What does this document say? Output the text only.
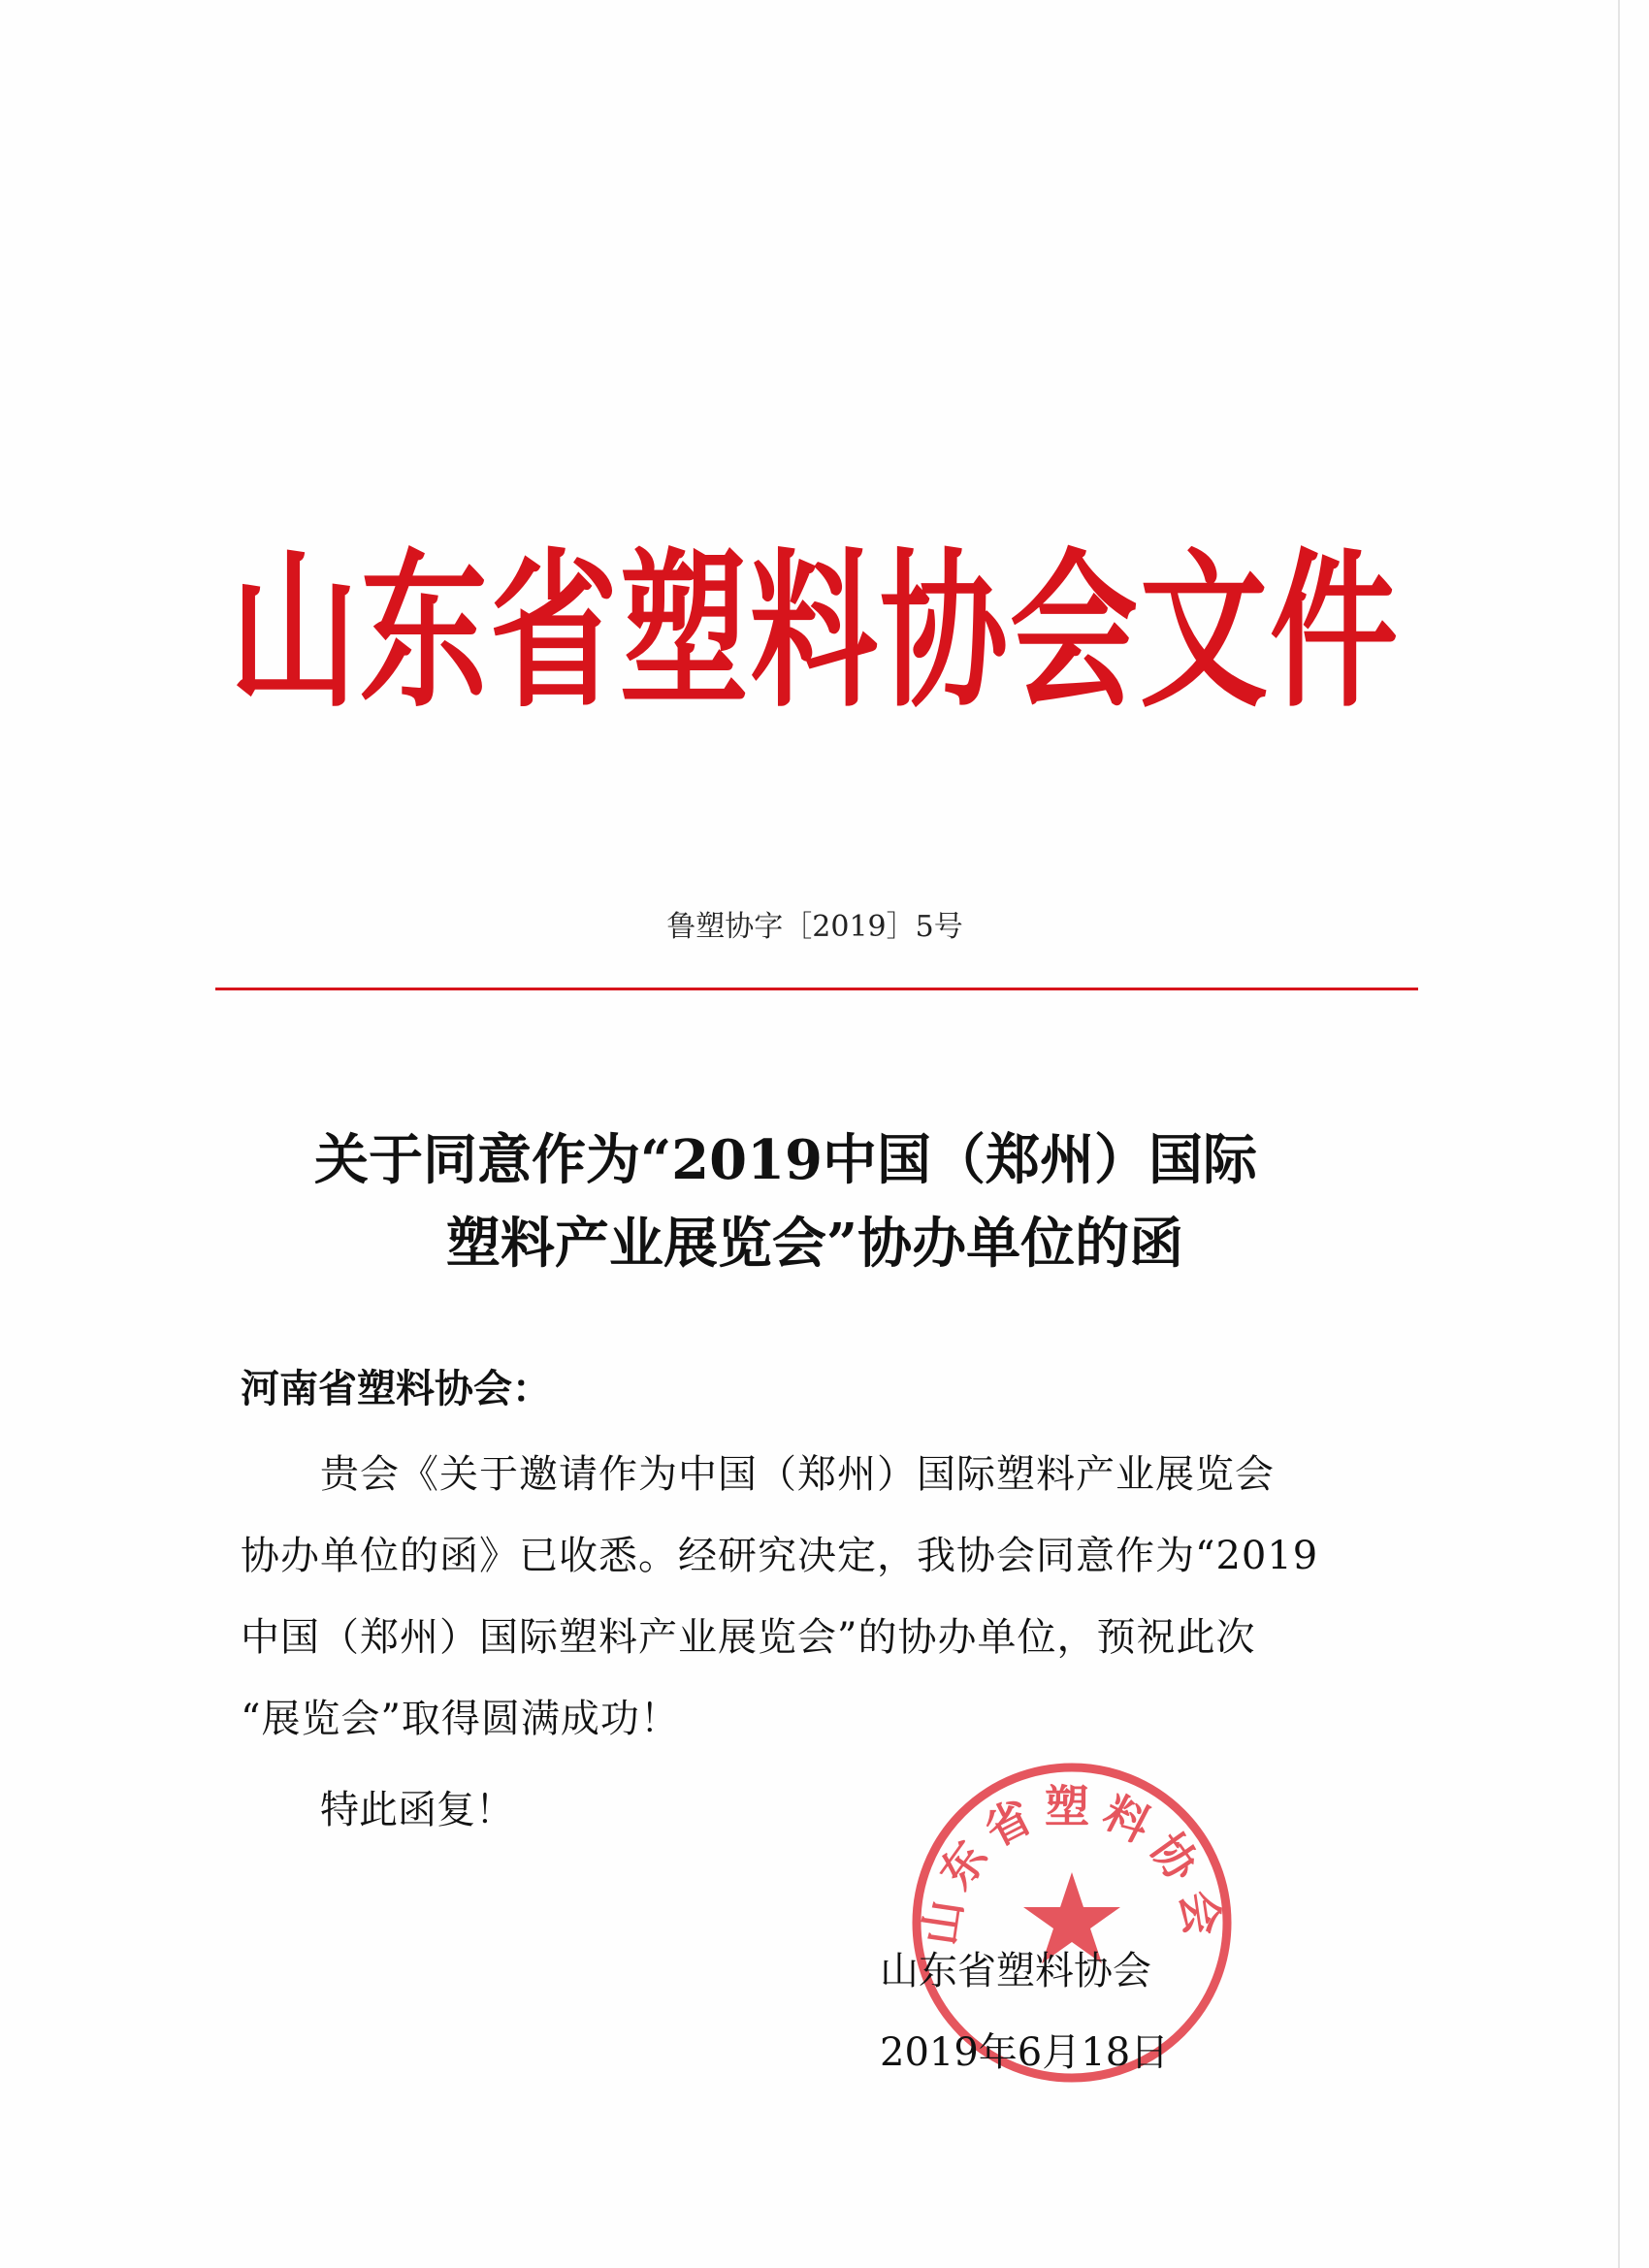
山东省塑料协会文件
鲁塑协字［2019］5号
关于同意作为“2019中国（郑州）国际
塑料产业展览会”协办单位的函
河南省塑料协会：
贵会《关于邀请作为中国（郑州）国际塑料产业展览会
协办单位的函》已收悉。经研究决定，我协会同意作为“2019
中国（郑州）国际塑料产业展览会”的协办单位，预祝此次
“展览会”取得圆满成功！
特此函复！
山东省塑料协会
山东省塑料协会
2019年6月18日
